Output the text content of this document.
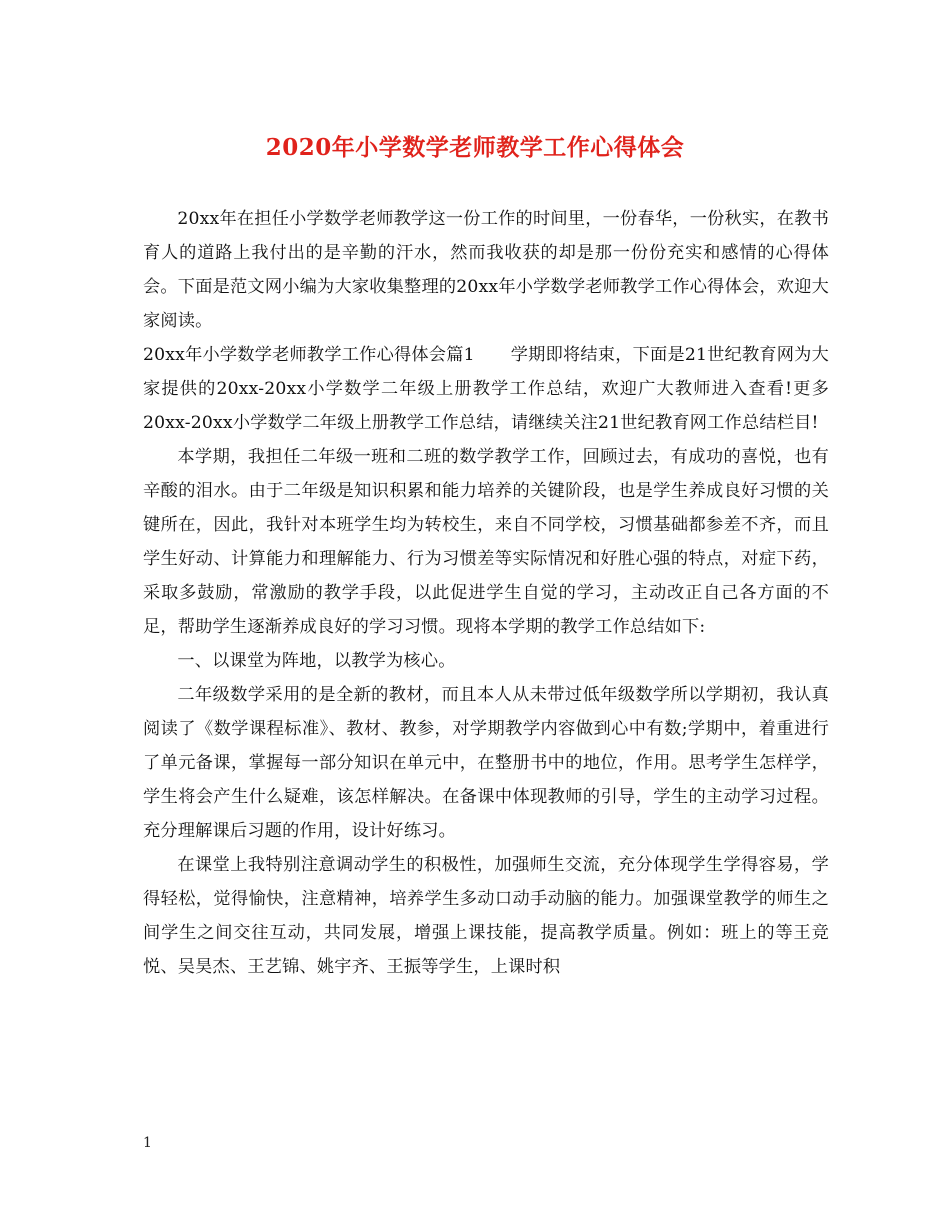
2020年小学数学老师教学工作心得体会

20xx年在担任小学数学老师教学这一份工作的时间里，一份春华，一份秋实，在教书育人的道路上我付出的是辛勤的汗水，然而我收获的却是那一份份充实和感情的心得体会。下面是范文网小编为大家收集整理的20xx年小学数学老师教学工作心得体会，欢迎大家阅读。

20xx年小学数学老师教学工作心得体会篇1 学期即将结束，下面是21世纪教育网为大家提供的20xx-20xx小学数学二年级上册教学工作总结，欢迎广大教师进入查看!更多20xx-20xx小学数学二年级上册教学工作总结，请继续关注21世纪教育网工作总结栏目!

本学期，我担任二年级一班和二班的数学教学工作，回顾过去，有成功的喜悦，也有辛酸的泪水。由于二年级是知识积累和能力培养的关键阶段，也是学生养成良好习惯的关键所在，因此，我针对本班学生均为转校生，来自不同学校，习惯基础都参差不齐，而且学生好动、计算能力和理解能力、行为习惯差等实际情况和好胜心强的特点，对症下药，采取多鼓励，常激励的教学手段，以此促进学生自觉的学习，主动改正自己各方面的不足，帮助学生逐渐养成良好的学习习惯。现将本学期的教学工作总结如下:

一、以课堂为阵地，以教学为核心。

二年级数学采用的是全新的教材，而且本人从未带过低年级数学所以学期初，我认真阅读了《数学课程标准》、教材、教参，对学期教学内容做到心中有数;学期中，着重进行了单元备课，掌握每一部分知识在单元中，在整册书中的地位，作用。思考学生怎样学，学生将会产生什么疑难，该怎样解决。在备课中体现教师的引导，学生的主动学习过程。充分理解课后习题的作用，设计好练习。

在课堂上我特别注意调动学生的积极性，加强师生交流，充分体现学生学得容易，学得轻松，觉得愉快，注意精神，培养学生多动口动手动脑的能力。加强课堂教学的师生之间学生之间交往互动，共同发展，增强上课技能，提高教学质量。例如：班上的等王竞悦、吴昊杰、王艺锦、姚宇齐、王振等学生，上课时积

1
